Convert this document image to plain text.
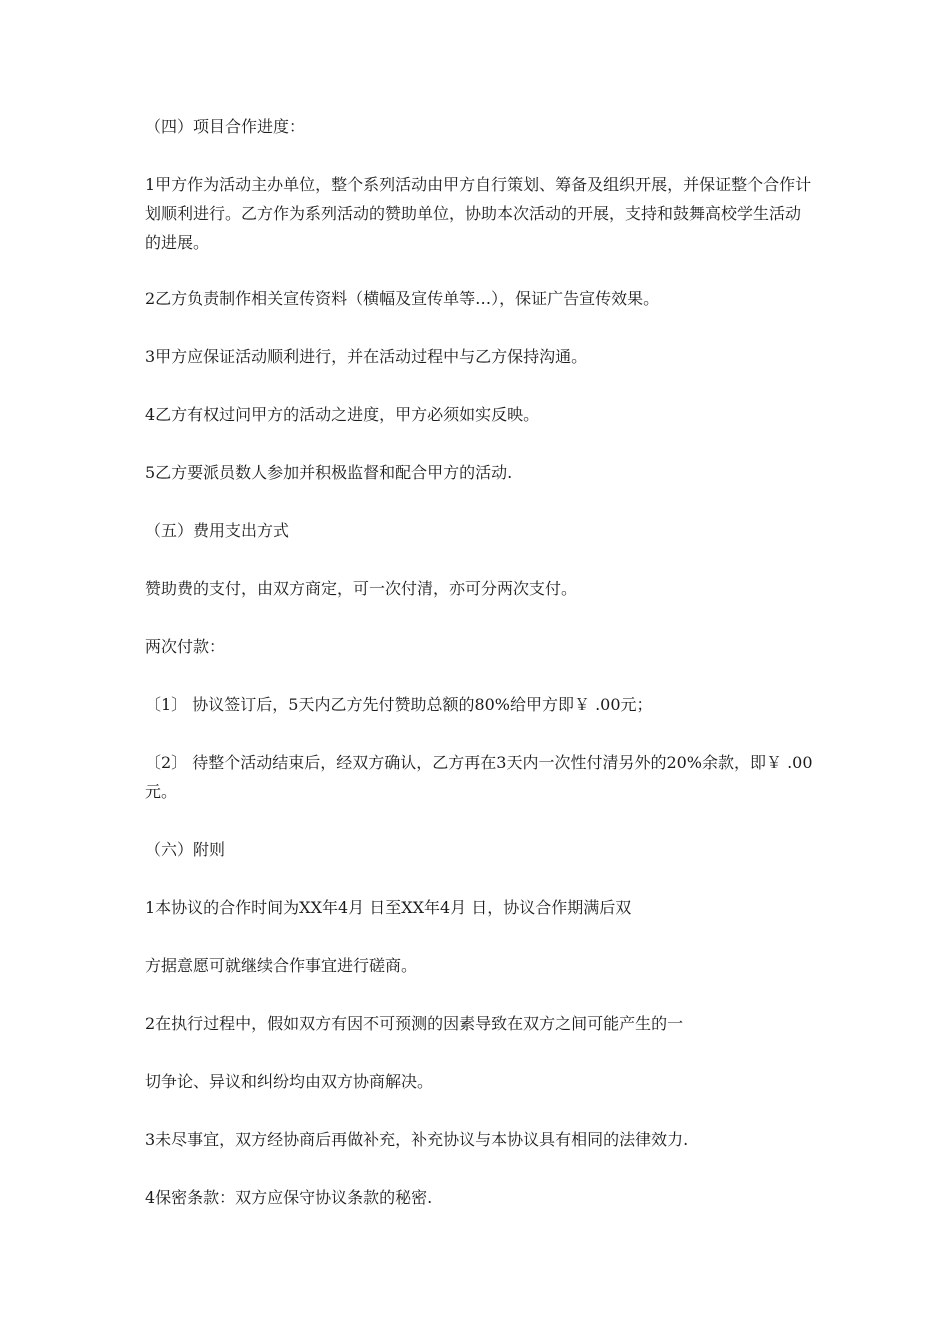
（四）项目合作进度：

1甲方作为活动主办单位，整个系列活动由甲方自行策划、筹备及组织开展，并保证整个合作计划顺利进行。乙方作为系列活动的赞助单位，协助本次活动的开展，支持和鼓舞高校学生活动的进展。

2乙方负责制作相关宣传资料（横幅及宣传单等…），保证广告宣传效果。

3甲方应保证活动顺利进行，并在活动过程中与乙方保持沟通。

4乙方有权过问甲方的活动之进度，甲方必须如实反映。

5乙方要派员数人参加并积极监督和配合甲方的活动.

（五）费用支出方式

赞助费的支付，由双方商定，可一次付清，亦可分两次支付。

两次付款：

〔1〕 协议签订后，5天内乙方先付赞助总额的80%给甲方即￥ .00元；

〔2〕 待整个活动结束后，经双方确认，乙方再在3天内一次性付清另外的20%余款，即￥ .00元。

（六）附则

1本协议的合作时间为XX年4月 日至XX年4月 日，协议合作期满后双

方据意愿可就继续合作事宜进行磋商。

2在执行过程中，假如双方有因不可预测的因素导致在双方之间可能产生的一

切争论、异议和纠纷均由双方协商解决。

3未尽事宜，双方经协商后再做补充，补充协议与本协议具有相同的法律效力.

4保密条款：双方应保守协议条款的秘密.
